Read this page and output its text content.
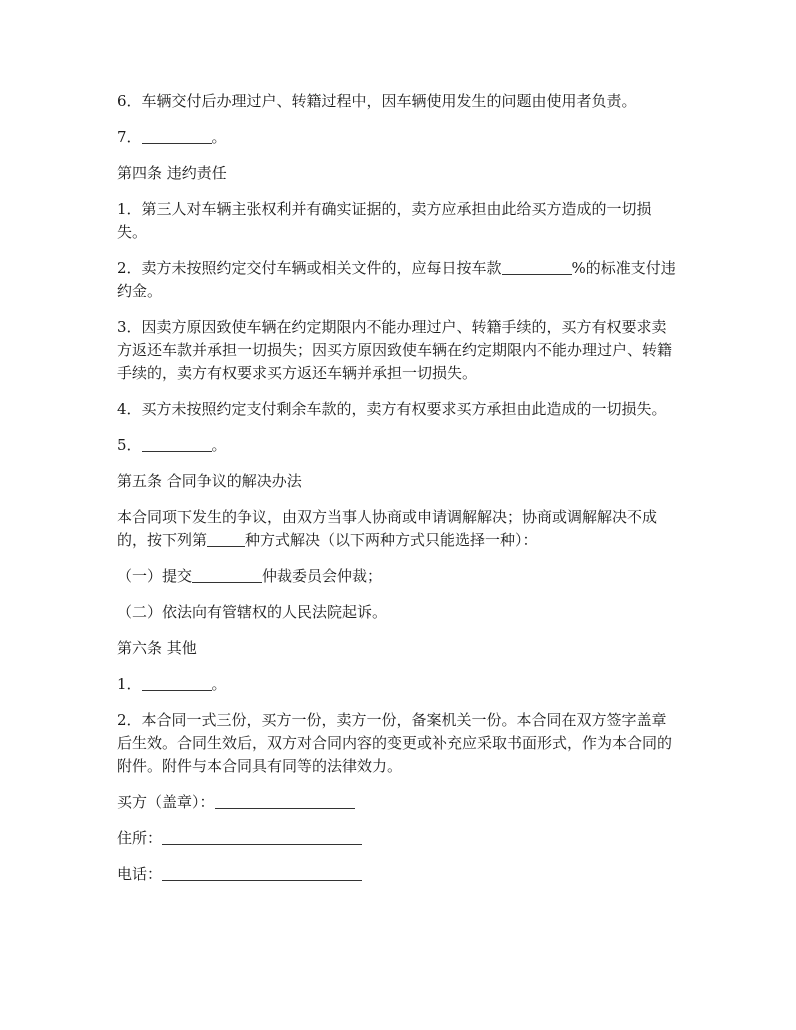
6．车辆交付后办理过户、转籍过程中，因车辆使用发生的问题由使用者负责。

7．	。

第四条 违约责任

1．第三人对车辆主张权利并有确实证据的，卖方应承担由此给买方造成的一切损失。

2．卖方未按照约定交付车辆或相关文件的，应每日按车款	%的标准支付违约金。

3．因卖方原因致使车辆在约定期限内不能办理过户、转籍手续的，买方有权要求卖方返还车款并承担一切损失；因买方原因致使车辆在约定期限内不能办理过户、转籍手续的，卖方有权要求买方返还车辆并承担一切损失。

4．买方未按照约定支付剩余车款的，卖方有权要求买方承担由此造成的一切损失。

5．	。

第五条 合同争议的解决办法

本合同项下发生的争议，由双方当事人协商或申请调解解决；协商或调解解决不成的，按下列第	种方式解决（以下两种方式只能选择一种）：

（一）提交	仲裁委员会仲裁；

（二）依法向有管辖权的人民法院起诉。

第六条 其他

1．	。

2．本合同一式三份，买方一份，卖方一份，备案机关一份。本合同在双方签字盖章后生效。合同生效后，双方对合同内容的变更或补充应采取书面形式，作为本合同的附件。附件与本合同具有同等的法律效力。

买方（盖章）：

住所：

电话：
